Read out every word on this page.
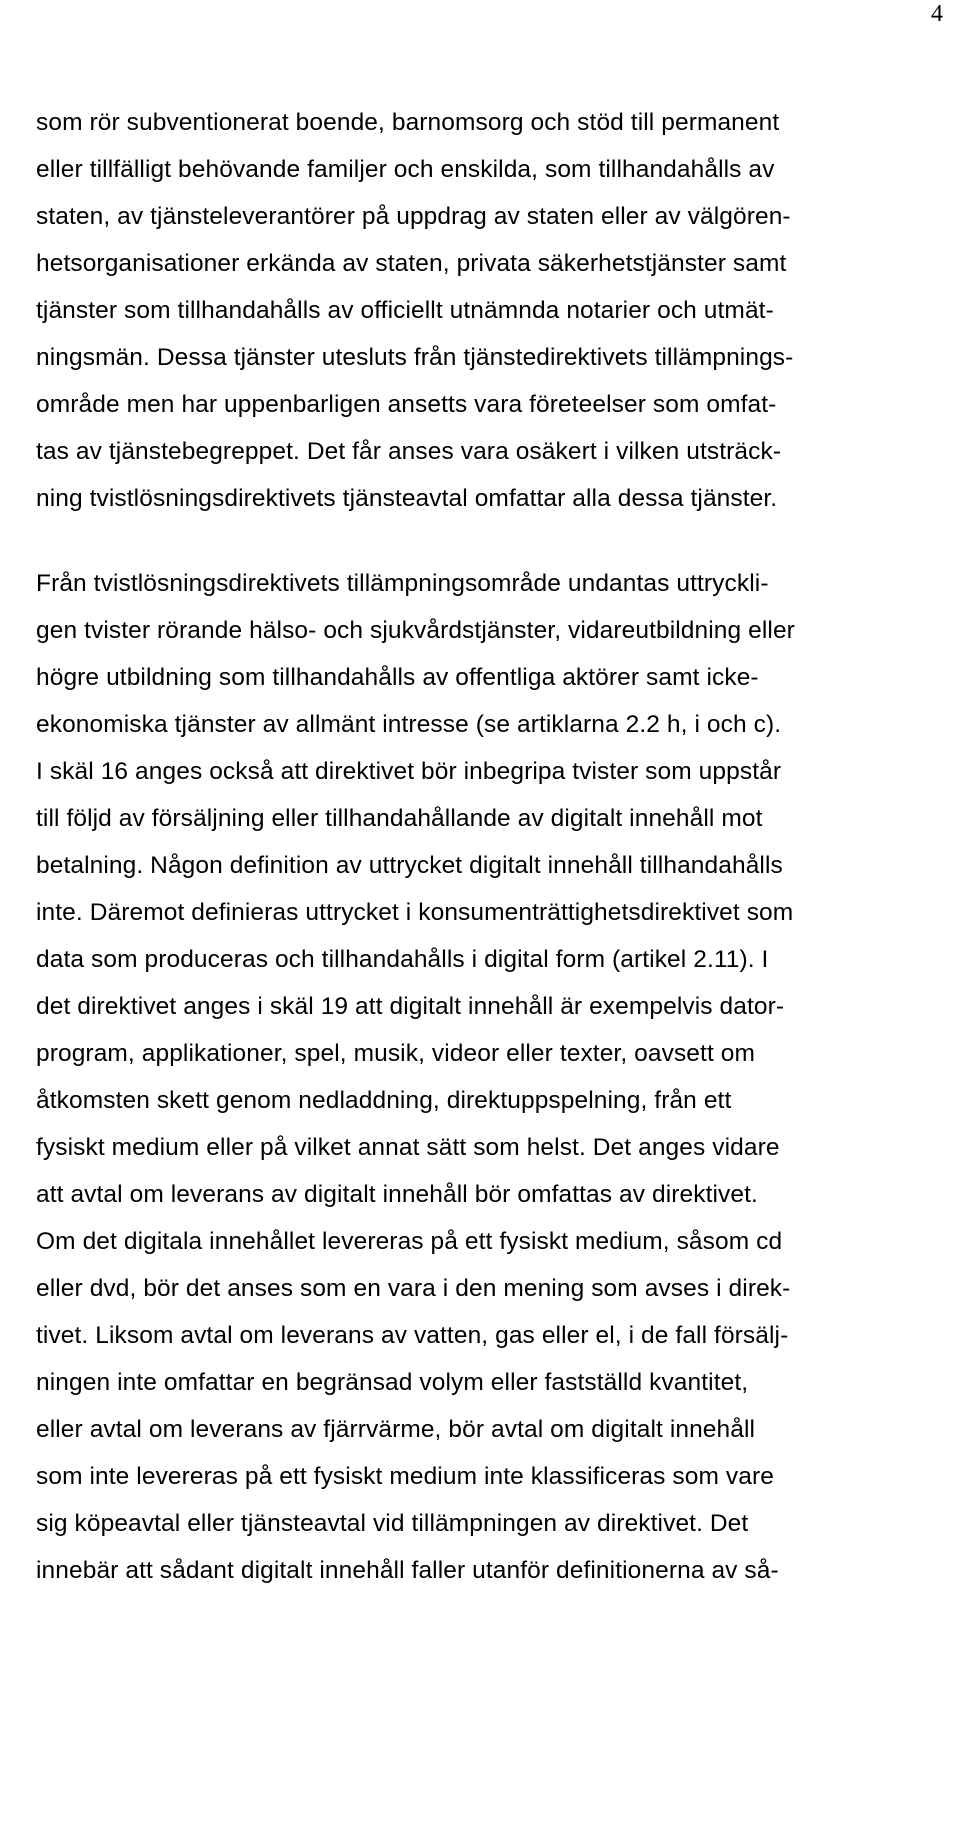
4
som rör subventionerat boende, barnomsorg och stöd till permanent
eller tillfälligt behövande familjer och enskilda, som tillhandahålls av
staten, av tjänsteleverantörer på uppdrag av staten eller av välgören-
hetsorganisationer erkända av staten, privata säkerhetstjänster samt
tjänster som tillhandahålls av officiellt utnämnda notarier och utmät-
ningsmän. Dessa tjänster utesluts från tjänstedirektivets tillämpnings-
område men har uppenbarligen ansetts vara företeelser som omfat-
tas av tjänstebegreppet. Det får anses vara osäkert i vilken utsträck-
ning tvistlösningsdirektivets tjänsteavtal omfattar alla dessa tjänster.
Från tvistlösningsdirektivets tillämpningsområde undantas uttryckli-
gen tvister rörande hälso- och sjukvårdstjänster, vidareutbildning eller
högre utbildning som tillhandahålls av offentliga aktörer samt icke-
ekonomiska tjänster av allmänt intresse (se artiklarna 2.2 h, i och c).
I skäl 16 anges också att direktivet bör inbegripa tvister som uppstår
till följd av försäljning eller tillhandahållande av digitalt innehåll mot
betalning. Någon definition av uttrycket digitalt innehåll tillhandahålls
inte. Däremot definieras uttrycket i konsumenträttighetsdirektivet som
data som produceras och tillhandahålls i digital form (artikel 2.11). I
det direktivet anges i skäl 19 att digitalt innehåll är exempelvis dator-
program, applikationer, spel, musik, videor eller texter, oavsett om
åtkomsten skett genom nedladdning, direktuppspelning, från ett
fysiskt medium eller på vilket annat sätt som helst. Det anges vidare
att avtal om leverans av digitalt innehåll bör omfattas av direktivet.
Om det digitala innehållet levereras på ett fysiskt medium, såsom cd
eller dvd, bör det anses som en vara i den mening som avses i direk-
tivet. Liksom avtal om leverans av vatten, gas eller el, i de fall försälj-
ningen inte omfattar en begränsad volym eller fastställd kvantitet,
eller avtal om leverans av fjärrvärme, bör avtal om digitalt innehåll
som inte levereras på ett fysiskt medium inte klassificeras som vare
sig köpeavtal eller tjänsteavtal vid tillämpningen av direktivet. Det
innebär att sådant digitalt innehåll faller utanför definitionerna av så-
